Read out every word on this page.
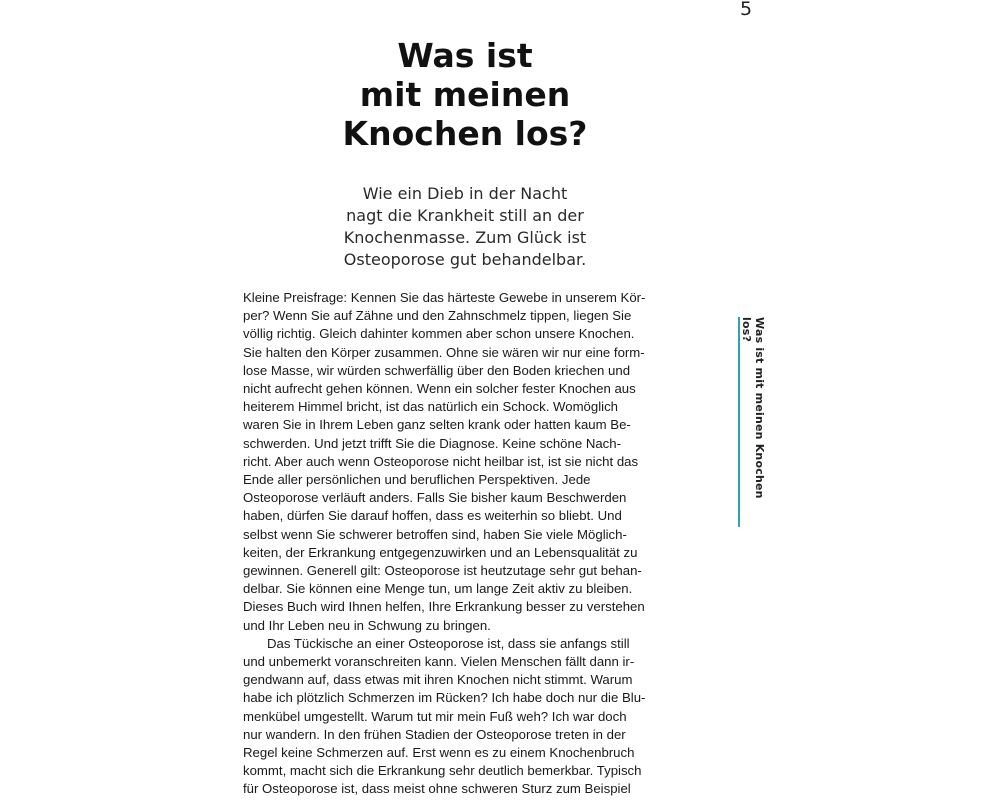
5
Was ist
mit meinen
Knochen los?
Wie ein Dieb in der Nacht
nagt die Krankheit still an der
Knochenmasse. Zum Glück ist
Osteoporose gut behandelbar.

Kleine Preisfrage: Kennen Sie das härteste Gewebe in unserem Kör-
per? Wenn Sie auf Zähne und den Zahnschmelz tippen, liegen Sie
völlig richtig. Gleich dahinter kommen aber schon unsere Knochen.
Sie halten den Körper zusammen. Ohne sie wären wir nur eine form-
lose Masse, wir würden schwerfällig über den Boden kriechen und
nicht aufrecht gehen können. Wenn ein solcher fester Knochen aus
heiterem Himmel bricht, ist das natürlich ein Schock. Womöglich
waren Sie in Ihrem Leben ganz selten krank oder hatten kaum Be-
schwerden. Und jetzt trifft Sie die Diagnose. Keine schöne Nach-
richt. Aber auch wenn Osteoporose nicht heilbar ist, ist sie nicht das
Ende aller persönlichen und beruflichen Perspektiven. Jede
Osteoporose verläuft anders. Falls Sie bisher kaum Beschwerden
haben, dürfen Sie darauf hoffen, dass es weiterhin so bliebt. Und
selbst wenn Sie schwerer betroffen sind, haben Sie viele Möglich-
keiten, der Erkrankung entgegenzuwirken und an Lebensqualität zu
gewinnen. Generell gilt: Osteoporose ist heutzutage sehr gut behan-
delbar. Sie können eine Menge tun, um lange Zeit aktiv zu bleiben.
Dieses Buch wird Ihnen helfen, Ihre Erkrankung besser zu verstehen
und Ihr Leben neu in Schwung zu bringen.

Das Tückische an einer Osteoporose ist, dass sie anfangs still
und unbemerkt voranschreiten kann. Vielen Menschen fällt dann ir-
gendwann auf, dass etwas mit ihren Knochen nicht stimmt. Warum
habe ich plötzlich Schmerzen im Rücken? Ich habe doch nur die Blu-
menkübel umgestellt. Warum tut mir mein Fuß weh? Ich war doch
nur wandern. In den frühen Stadien der Osteoporose treten in der
Regel keine Schmerzen auf. Erst wenn es zu einem Knochenbruch
kommt, macht sich die Erkrankung sehr deutlich bemerkbar. Typisch
für Osteoporose ist, dass meist ohne schweren Sturz zum Beispiel

Was ist mit meinen Knochen los?
